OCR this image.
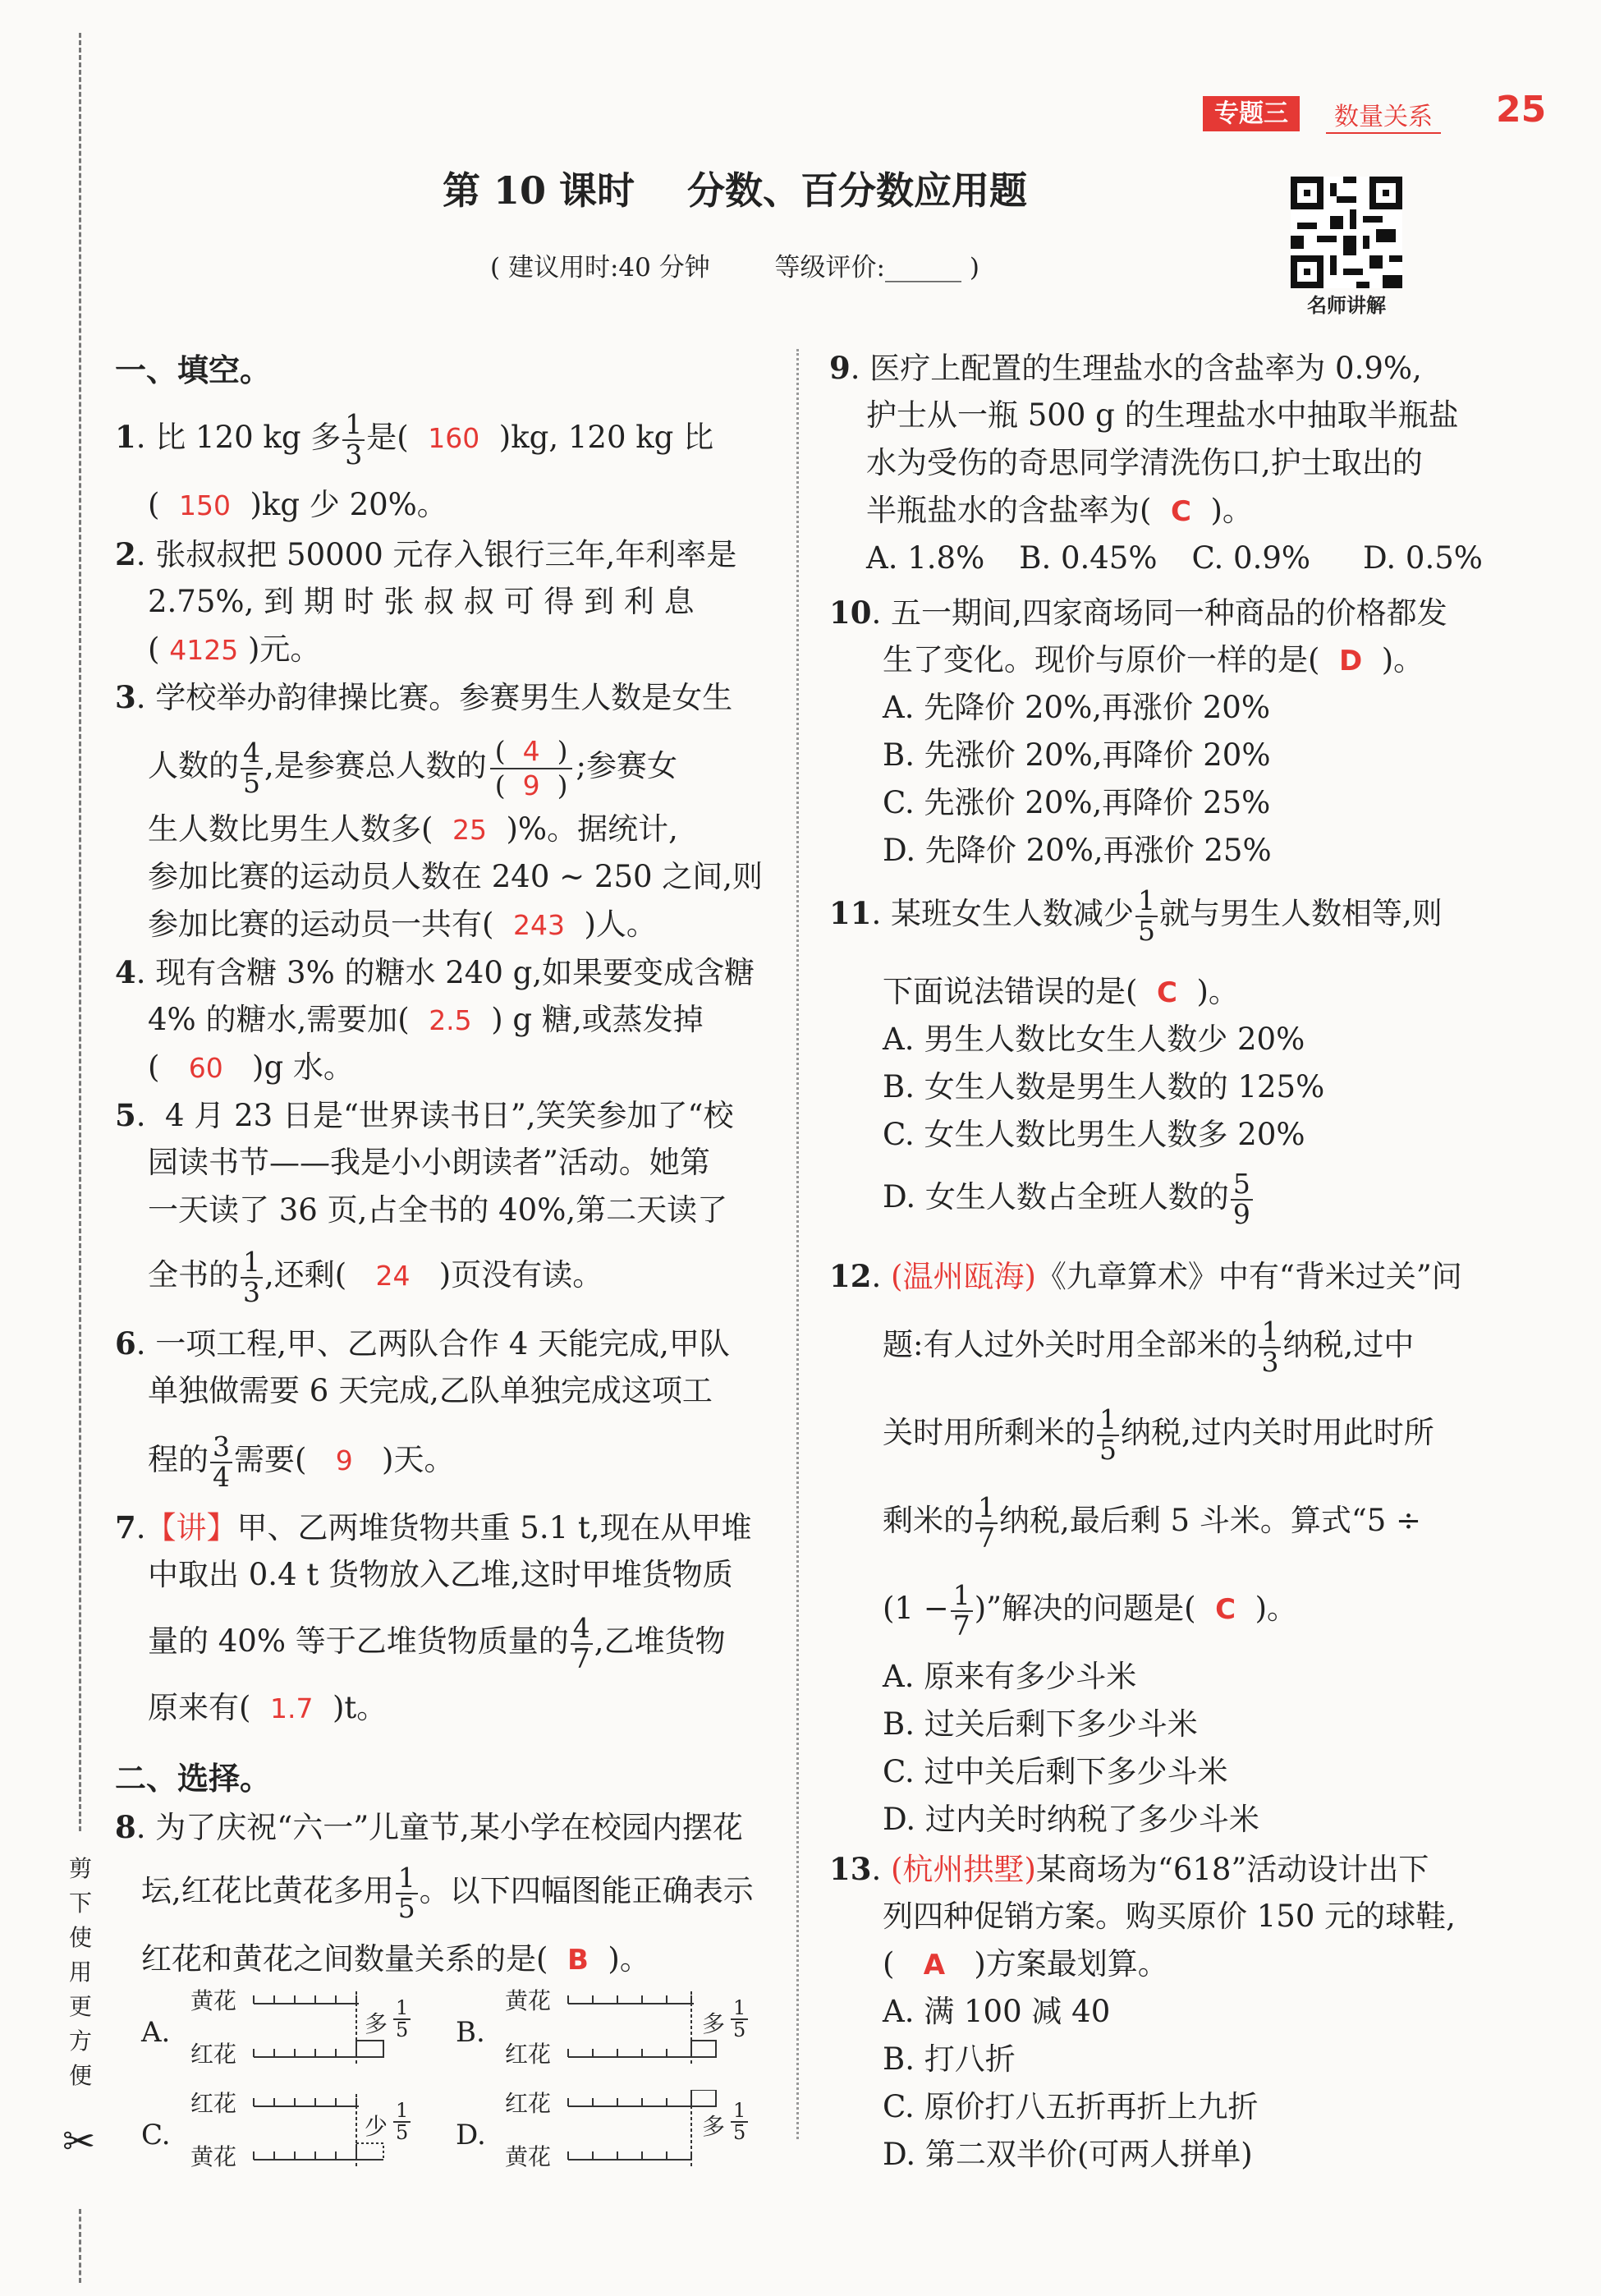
剪下使用更方便
✂
专题三	数量关系 25
第 10 课时    分数、百分数应用题
( 建议用时:40 分钟        等级评价:______ )
名师讲解
一、填空。
1. 比 120 kg 多 $\frac{1}{3}$ 是( 160 )kg, 120 kg 比
( 150 )kg 少 20%。
2. 张叔叔把 50000 元存入银行三年,年利率是
2.75%, 到 期 时 张 叔 叔 可 得 到 利 息
( 4125 )元。
3. 学校举办韵律操比赛。参赛男生人数是女生
人数的 $\frac{4}{5}$ ,是参赛总人数的 $\frac{( 4 )}{( 9 )}$ ;参赛女
生人数比男生人数多( 25 )%。据统计,
参加比赛的运动员人数在 240 ~ 250 之间,则
参加比赛的运动员一共有( 243 )人。
4. 现有含糖 3% 的糖水 240 g,如果要变成含糖
4% 的糖水,需要加( 2.5 ) g 糖,或蒸发掉
( 60 )g 水。
5.  4 月 23 日是“世界读书日”,笑笑参加了“校
园读书节——我是小小朗读者”活动。她第
一天读了 36 页,占全书的 40%,第二天读了
全书的 $\frac{1}{3}$ ,还剩( 24 )页没有读。
6. 一项工程,甲、乙两队合作 4 天能完成,甲队
单独做需要 6 天完成,乙队单独完成这项工
程的 $\frac{3}{4}$ 需要( 9 )天。
7.【讲】甲、乙两堆货物共重 5.1 t,现在从甲堆
中取出 0.4 t 货物放入乙堆,这时甲堆货物质
量的 40% 等于乙堆货物质量的 $\frac{4}{7}$ ,乙堆货物
原来有( 1.7 )t。
二、选择。
8. 为了庆祝“六一”儿童节,某小学在校园内摆花
坛,红花比黄花多用 $\frac{1}{5}$ 。以下四幅图能正确表示
红花和黄花之间数量关系的是( B )。
A.
黄花
红花
多 $\frac{1}{5} B$.
黄花
红花
多 $\frac{1}{5}$
C.
红花
黄花
少 $\frac{1}{5} D$.
红花
黄花
多 $\frac{1}{5}$
9. 医疗上配置的生理盐水的含盐率为 0.9%,
护士从一瓶 500 g 的生理盐水中抽取半瓶盐
水为受伤的奇思同学清洗伤口,护士取出的
半瓶盐水的含盐率为( C )。
A. 1.8% B. 0.45% C. 0.9% D. 0.5%
10. 五一期间,四家商场同一种商品的价格都发
生了变化。现价与原价一样的是( D )。
A. 先降价 20%,再涨价 20%
B. 先涨价 20%,再降价 20%
C. 先涨价 20%,再降价 25%
D. 先降价 20%,再涨价 25%
11. 某班女生人数减少 $\frac{1}{5}$ 就与男生人数相等,则
下面说法错误的是( C )。
A. 男生人数比女生人数少 20%
B. 女生人数是男生人数的 125%
C. 女生人数比男生人数多 20%
D. 女生人数占全班人数的 $\frac{5}{9}$
12. (温州瓯海)《九章算术》中有“背米过关”问
题:有人过外关时用全部米的 $\frac{1}{3}$ 纳税,过中
关时用所剩米的 $\frac{1}{5}$ 纳税,过内关时用此时所
剩米的 $\frac{1}{7}$ 纳税,最后剩 5 斗米。算式“5 ÷
($1 - \frac{1}{7}$ )”解决的问题是( C )。
A. 原来有多少斗米
B. 过关后剩下多少斗米
C. 过中关后剩下多少斗米
D. 过内关时纳税了多少斗米
13. (杭州拱墅)某商场为“618”活动设计出下
列四种促销方案。购买原价 150 元的球鞋,
( A )方案最划算。
A. 满 100 减 40
B. 打八折
C. 原价打八五折再折上九折
D. 第二双半价(可两人拼单)
